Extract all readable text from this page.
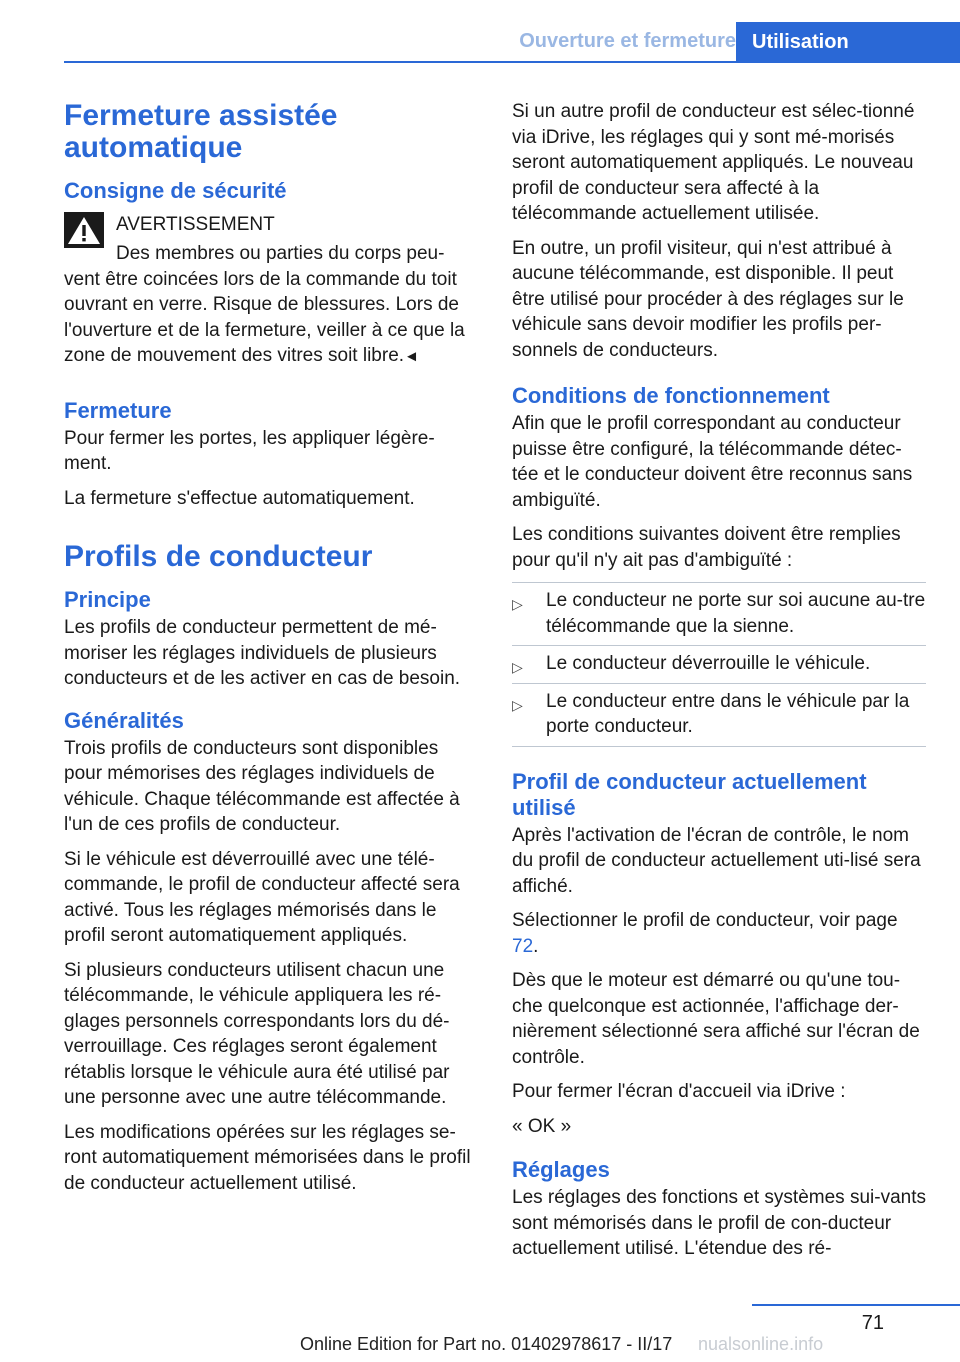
Ouverture et fermeture Utilisation
Fermeture assistée automatique
Consigne de sécurité

AVERTISSEMENT

Des membres ou parties du corps peu-vent être coincées lors de la commande du toit ouvrant en verre. Risque de blessures. Lors de l'ouverture et de la fermeture, veiller à ce que la zone de mouvement des vitres soit libre.◄

Fermeture

Pour fermer les portes, les appliquer légère-ment.

La fermeture s'effectue automatiquement.

Profils de conducteur
Principe

Les profils de conducteur permettent de mé-moriser les réglages individuels de plusieurs conducteurs et de les activer en cas de besoin.

Généralités

Trois profils de conducteurs sont disponibles pour mémorises des réglages individuels de véhicule. Chaque télécommande est affectée à l'un de ces profils de conducteur.

Si le véhicule est déverrouillé avec une télé-commande, le profil de conducteur affecté sera activé. Tous les réglages mémorisés dans le profil seront automatiquement appliqués.

Si plusieurs conducteurs utilisent chacun une télécommande, le véhicule appliquera les ré-glages personnels correspondants lors du dé-verrouillage. Ces réglages seront également rétablis lorsque le véhicule aura été utilisé par une personne avec une autre télécommande.

Les modifications opérées sur les réglages se-ront automatiquement mémorisées dans le profil de conducteur actuellement utilisé.

Si un autre profil de conducteur est sélec-tionné via iDrive, les réglages qui y sont mé-morisés seront automatiquement appliqués. Le nouveau profil de conducteur sera affecté à la télécommande actuellement utilisée.

En outre, un profil visiteur, qui n'est attribué à aucune télécommande, est disponible. Il peut être utilisé pour procéder à des réglages sur le véhicule sans devoir modifier les profils per-sonnels de conducteurs.

Conditions de fonctionnement

Afin que le profil correspondant au conducteur puisse être configuré, la télécommande détec-tée et le conducteur doivent être reconnus sans ambiguïté.

Les conditions suivantes doivent être remplies pour qu'il n'y ait pas d'ambiguïté :

▷ Le conducteur ne porte sur soi aucune au-tre télécommande que la sienne.
▷ Le conducteur déverrouille le véhicule.
▷ Le conducteur entre dans le véhicule par la porte conducteur.
Profil de conducteur actuellement utilisé

Après l'activation de l'écran de contrôle, le nom du profil de conducteur actuellement uti-lisé sera affiché.

Sélectionner le profil de conducteur, voir page 72.

Dès que le moteur est démarré ou qu'une tou-che quelconque est actionnée, l'affichage der-nièrement sélectionné sera affiché sur l'écran de contrôle.

Pour fermer l'écran d'accueil via iDrive :

« OK »

Réglages

Les réglages des fonctions et systèmes sui-vants sont mémorisés dans le profil de con-ducteur actuellement utilisé. L'étendue des ré-

71
Online Edition for Part no. 01402978617 - II/17 nualsonline.info
